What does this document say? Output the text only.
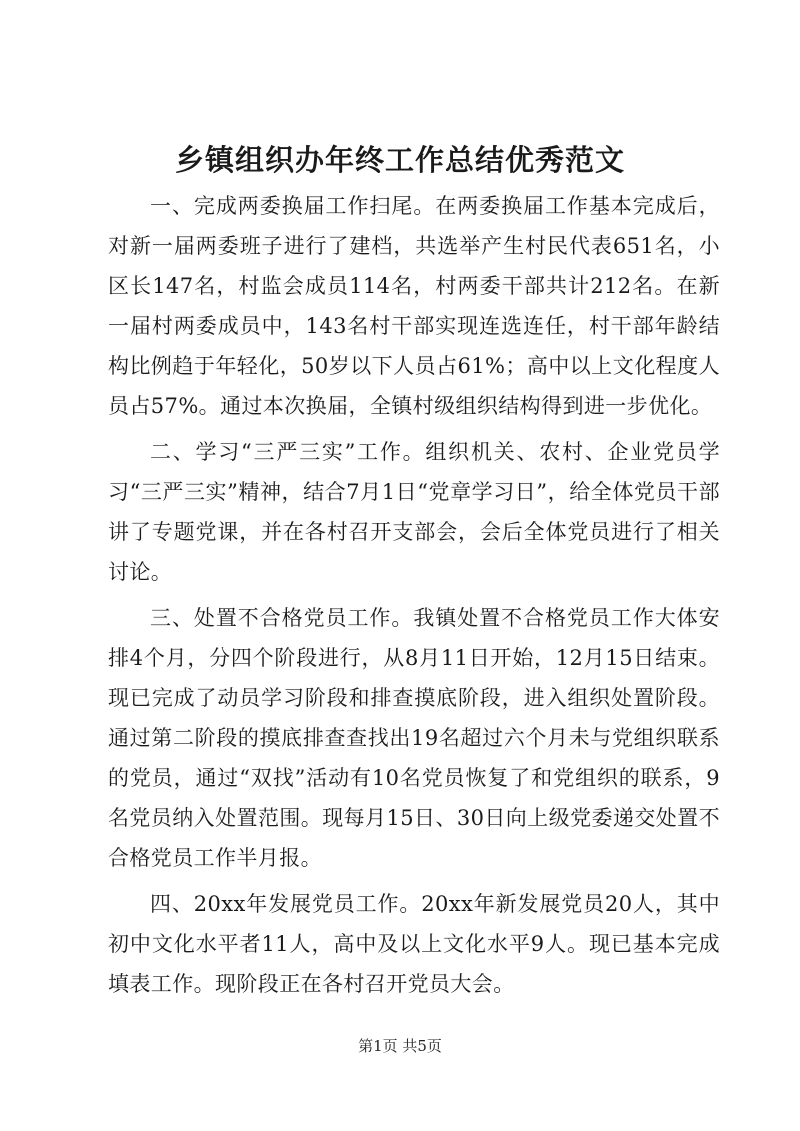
乡镇组织办年终工作总结优秀范文

一、完成两委换届工作扫尾。在两委换届工作基本完成后，对新一届两委班子进行了建档，共选举产生村民代表651名，小区长147名，村监会成员114名，村两委干部共计212名。在新一届村两委成员中，143名村干部实现连选连任，村干部年龄结构比例趋于年轻化，50岁以下人员占61%；高中以上文化程度人员占57%。通过本次换届，全镇村级组织结构得到进一步优化。

二、学习“三严三实”工作。组织机关、农村、企业党员学习“三严三实”精神，结合7月1日“党章学习日”，给全体党员干部讲了专题党课，并在各村召开支部会，会后全体党员进行了相关讨论。

三、处置不合格党员工作。我镇处置不合格党员工作大体安排4个月，分四个阶段进行，从8月11日开始，12月15日结束。现已完成了动员学习阶段和排查摸底阶段，进入组织处置阶段。通过第二阶段的摸底排查查找出19名超过六个月未与党组织联系的党员，通过“双找”活动有10名党员恢复了和党组织的联系，9名党员纳入处置范围。现每月15日、30日向上级党委递交处置不合格党员工作半月报。

四、20xx年发展党员工作。20xx年新发展党员20人，其中初中文化水平者11人，高中及以上文化水平9人。现已基本完成填表工作。现阶段正在各村召开党员大会。

第1页 共5页
